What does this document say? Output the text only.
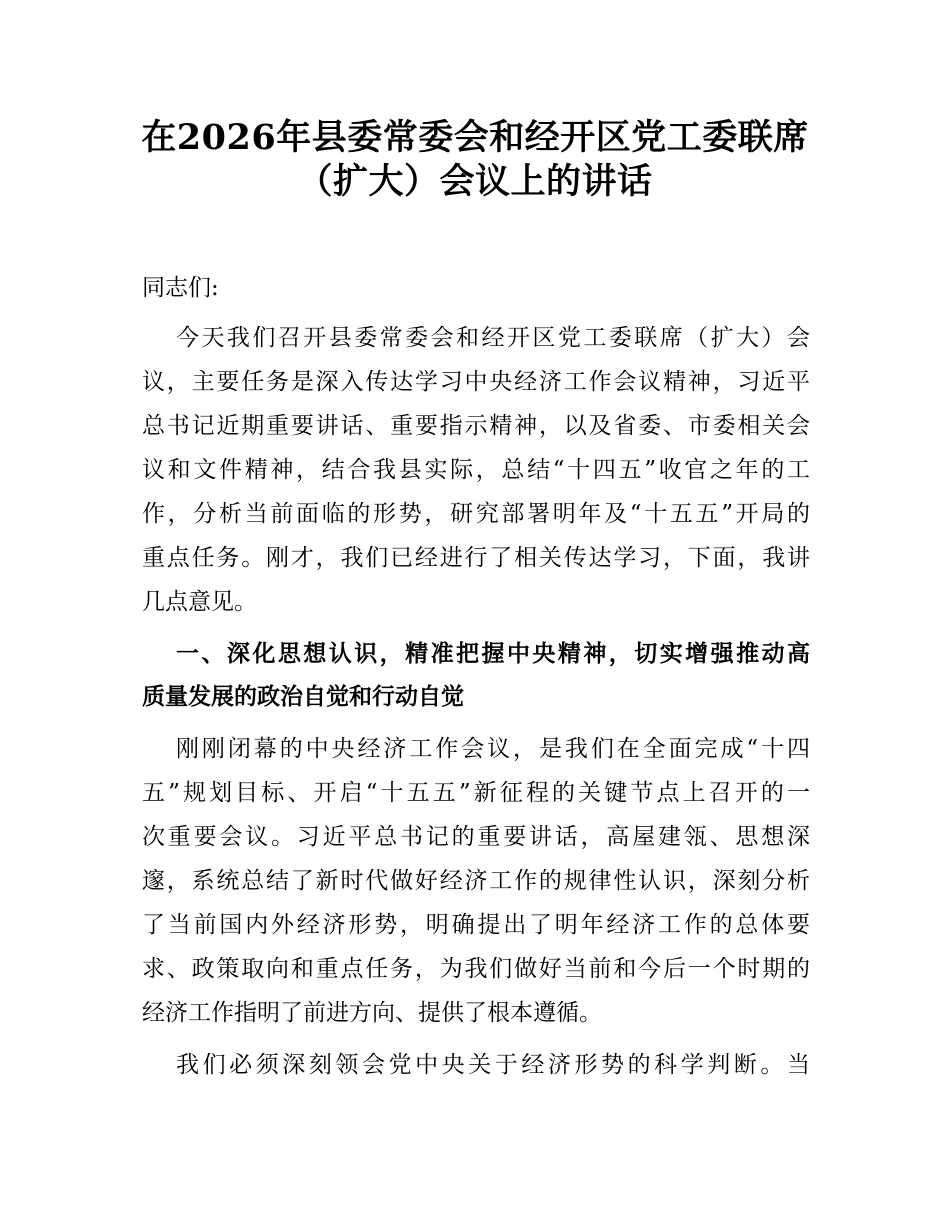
在2026年县委常委会和经开区党工委联席
（扩大）会议上的讲话
同志们:
今天我们召开县委常委会和经开区党工委联席（扩大）会
议，主要任务是深入传达学习中央经济工作会议精神，习近平
总书记近期重要讲话、重要指示精神，以及省委、市委相关会
议和文件精神，结合我县实际，总结“十四五”收官之年的工
作，分析当前面临的形势，研究部署明年及“十五五”开局的
重点任务。刚才，我们已经进行了相关传达学习，下面，我讲
几点意见。
一、深化思想认识，精准把握中央精神，切实增强推动高
质量发展的政治自觉和行动自觉
刚刚闭幕的中央经济工作会议，是我们在全面完成“十四
五”规划目标、开启“十五五”新征程的关键节点上召开的一
次重要会议。习近平总书记的重要讲话，高屋建瓴、思想深
邃，系统总结了新时代做好经济工作的规律性认识，深刻分析
了当前国内外经济形势，明确提出了明年经济工作的总体要
求、政策取向和重点任务，为我们做好当前和今后一个时期的
经济工作指明了前进方向、提供了根本遵循。
我们必须深刻领会党中央关于经济形势的科学判断。当
